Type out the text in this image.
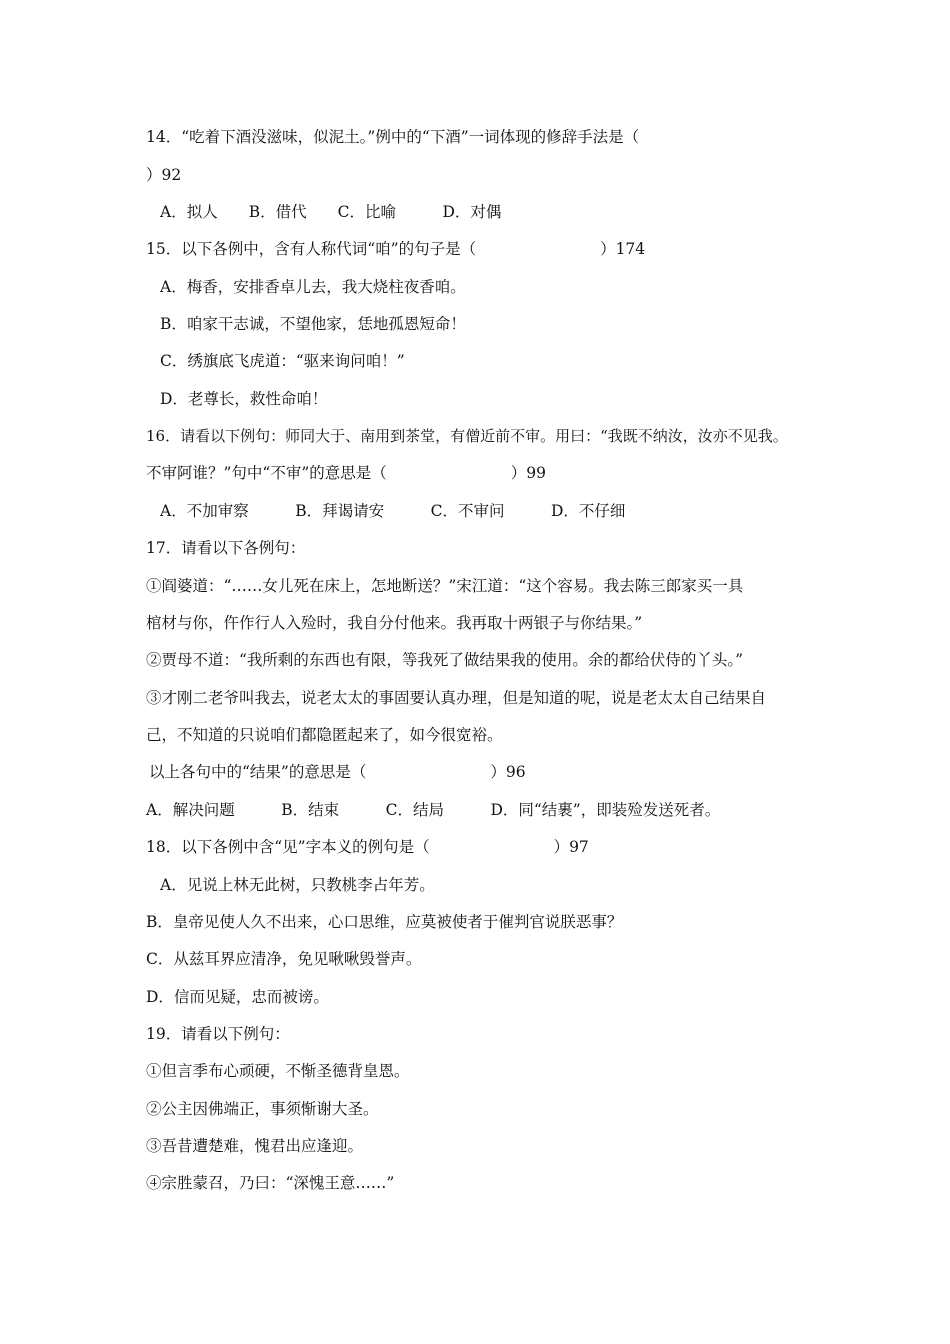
14．“吃着下酒没滋味，似泥土。”例中的“下酒”一词体现的修辞手法是（
）92
A．拟人　　B．借代　　C．比喻　　　D．对偶
15．以下各例中，含有人称代词“咱”的句子是（　　　　　　　　）174
A．梅香，安排香卓儿去，我大烧柱夜香咱。
B．咱家干志诚，不望他家，恁地孤恩短命！
C．绣旗底飞虎道：“驱来询问咱！”
D．老尊长，救性命咱！
16．请看以下例句：师同大于、南用到茶堂，有僧近前不审。用曰：“我既不纳汝，汝亦不见我。
不审阿谁？”句中“不审”的意思是（　　　　　　　　）99
A．不加审察　　　B．拜谒请安　　　C．不审问　　　D．不仔细
17．请看以下各例句：
①阎婆道：“……女儿死在床上，怎地断送？”宋江道：“这个容易。我去陈三郎家买一具
棺材与你，仵作行人入殓时，我自分付他来。我再取十两银子与你结果。”
②贾母不道：“我所剩的东西也有限，等我死了做结果我的使用。余的都给伏侍的丫头。”
③才刚二老爷叫我去，说老太太的事固要认真办理，但是知道的呢，说是老太太自己结果自
己，不知道的只说咱们都隐匿起来了，如今很宽裕。
以上各句中的“结果”的意思是（　　　　　　　　）96
A．解决问题　　　B．结束　　　C．结局　　　D．同“结裹”，即装殓发送死者。
18．以下各例中含“见”字本义的例句是（　　　　　　　　）97
A．见说上林无此树，只教桃李占年芳。
B．皇帝见使人久不出来，心口思维，应莫被使者于催判官说朕恶事？
C．从兹耳界应清净，免见啾啾毁誉声。
D．信而见疑，忠而被谤。
19．请看以下例句：
①但言季布心顽硬，不惭圣德背皇恩。
②公主因佛端正，事须惭谢大圣。
③吾昔遭楚难，愧君出应逢迎。
④宗胜蒙召，乃曰：“深愧王意……”
